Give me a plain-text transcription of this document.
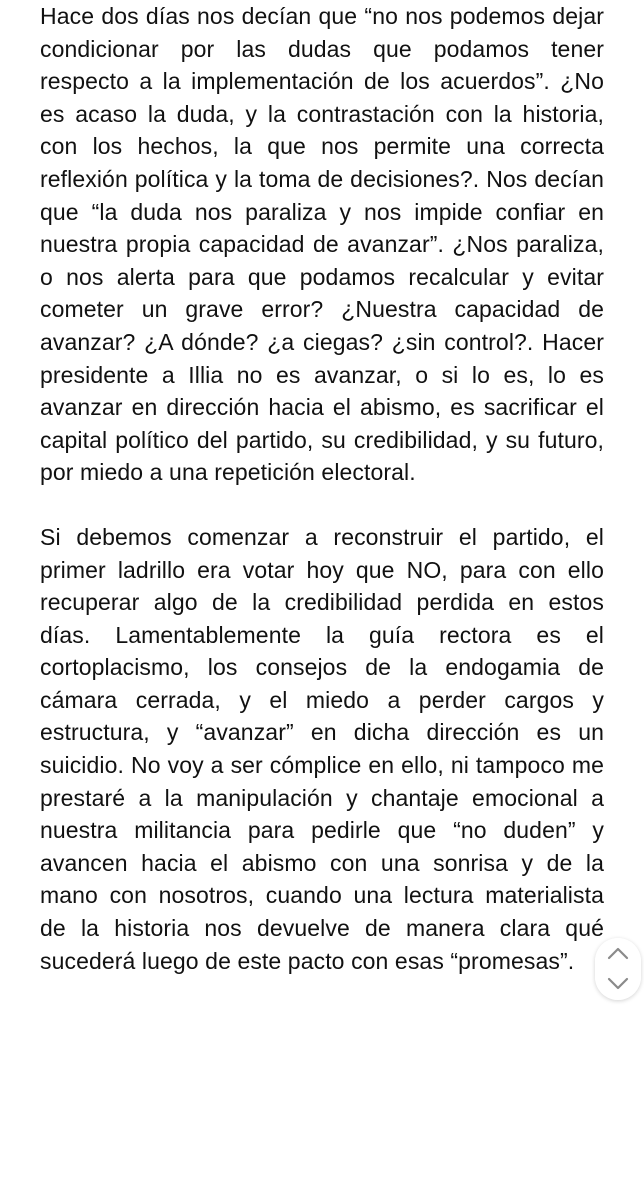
Hace dos días nos decían que “no nos podemos dejar condicionar por las dudas que podamos tener respecto a la implementación de los acuerdos”. ¿No es acaso la duda, y la contrastación con la historia, con los hechos, la que nos permite una correcta reflexión política y la toma de decisiones?. Nos decían que “la duda nos paraliza y nos impide confiar en nuestra propia capacidad de avanzar”. ¿Nos paraliza, o nos alerta para que podamos recalcular y evitar cometer un grave error? ¿Nuestra capacidad de avanzar? ¿A dónde? ¿a ciegas? ¿sin control?. Hacer presidente a Illia no es avanzar, o si lo es, lo es avanzar en dirección hacia el abismo, es sacrificar el capital político del partido, su credibilidad, y su futuro, por miedo a una repetición electoral.

Si debemos comenzar a reconstruir el partido, el primer ladrillo era votar hoy que NO, para con ello recuperar algo de la credibilidad perdida en estos días. Lamentablemente la guía rectora es el cortoplacismo, los consejos de la endogamia de cámara cerrada, y el miedo a perder cargos y estructura, y “avanzar” en dicha dirección es un suicidio. No voy a ser cómplice en ello, ni tampoco me prestaré a la manipulación y chantaje emocional a nuestra militancia para pedirle que “no duden” y avancen hacia el abismo con una sonrisa y de la mano con nosotros, cuando una lectura materialista de la historia nos devuelve de manera clara qué sucederá luego de este pacto con esas “promesas”.
